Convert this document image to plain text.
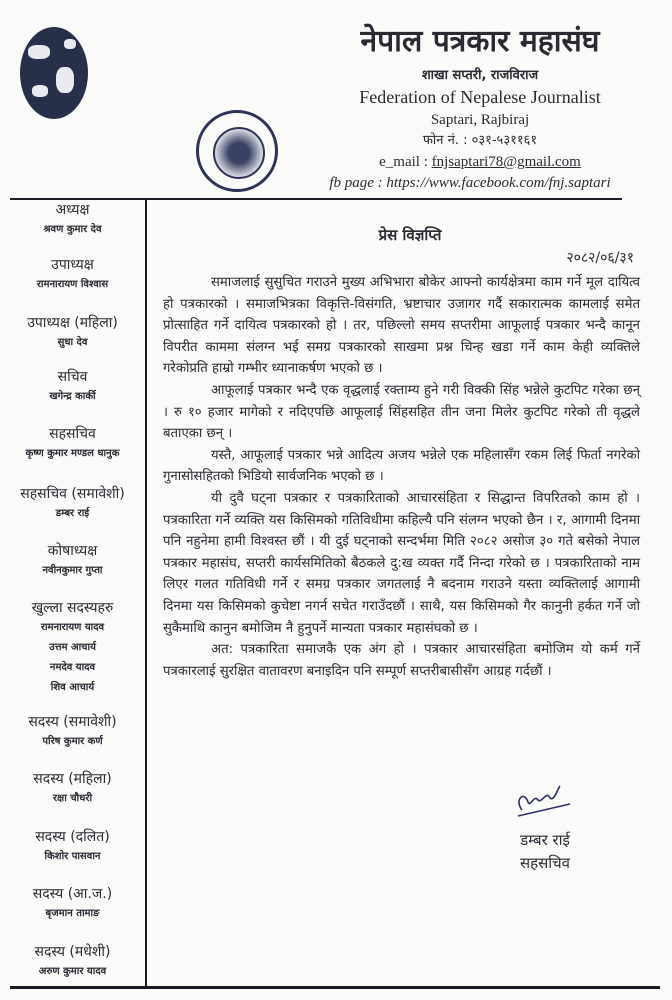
नेपाल पत्रकार महासंघ
शाखा सप्तरी, राजविराज
Federation of Nepalese Journalist
Saptari, Rajbiraj
फोन नं. : ०३१-५३११६१
e_mail : fnjsaptari78@gmail.com
fb page : https://www.facebook.com/fnj.saptari
अध्यक्ष
श्रवण कुमार देव
उपाध्यक्ष
रामनारायण विश्वास
उपाध्यक्ष (महिला)
सुधा देव
सचिव
खगेन्द्र कार्की
सहसचिव
कृष्ण कुमार मण्डल धानुक
सहसचिव (समावेशी)
डम्बर राई
कोषाध्यक्ष
नवीनकुमार गुप्ता
खुल्ला सदस्यहरु
रामनारायण यादव
उत्तम आचार्य
नमदेव यादव
शिव आचार्य
सदस्य (समावेशी)
परिष कुमार कर्ण
सदस्य (महिला)
रक्षा चौधरी
सदस्य (दलित)
किशोर पासवान
सदस्य (आ.ज.)
बृजमान तामाङ
सदस्य (मधेशी)
अरुण कुमार यादव
प्रेस विज्ञप्ति
२०८२/०६/३१

समाजलाई सुसुचित गराउने मुख्य अभिभारा बोकेर आफ्नो कार्यक्षेत्रमा काम गर्ने मूल दायित्व हो पत्रकारको । समाजभित्रका विकृत्ति-विसंगति, भ्रष्टाचार उजागर गर्दै सकारात्मक कामलाई समेत प्रोत्साहित गर्ने दायित्व पत्रकारको हो । तर, पछिल्लो समय सप्तरीमा आफूलाई पत्रकार भन्दै कानून विपरीत काममा संलग्न भई समग्र पत्रकारको साखमा प्रश्न चिन्ह खडा गर्ने काम केही व्यक्तिले गरेकोप्रति हाम्रो गम्भीर ध्यानाकर्षण भएको छ ।

आफूलाई पत्रकार भन्दै एक वृद्धलाई रक्ताम्य हुने गरी विक्की सिंह भन्नेले कुटपिट गरेका छन् । रु १० हजार मागेको र नदिएपछि आफूलाई सिंहसहित तीन जना मिलेर कुटपिट गरेको ती वृद्धले बताएका छन् ।

यस्तै, आफूलाई पत्रकार भन्ने आदित्य अजय भन्नेले एक महिलासँग रकम लिई फिर्ता नगरेको गुनासोसहितको भिडियो सार्वजनिक भएको छ ।

यी दुवै घट्ना पत्रकार र पत्रकारिताको आचारसंहिता र सिद्धान्त विपरितको काम हो । पत्रकारिता गर्ने व्यक्ति यस किसिमको गतिविधीमा कहिल्यै पनि संलग्न भएको छैन । र, आगामी दिनमा पनि नहुनेमा हामी विश्वस्त छौं । यी दुई घट्नाको सन्दर्भमा मिति २०८२ असोज ३० गते बसेको नेपाल पत्रकार महासंघ, सप्तरी कार्यसमितिको बैठकले दु:ख व्यक्त गर्दै निन्दा गरेको छ । पत्रकारिताको नाम लिएर गलत गतिविधी गर्ने र समग्र पत्रकार जगतलाई नै बदनाम गराउने यस्ता व्यक्तिलाई आगामी दिनमा यस किसिमको कुचेष्टा नगर्न सचेत गराउँदछौं । साथै, यस किसिमको गैर कानुनी हर्कत गर्ने जो सुकैमाथि कानुन बमोजिम नै हुनुपर्ने मान्यता पत्रकार महासंघको छ ।

अत: पत्रकारिता समाजकै एक अंग हो । पत्रकार आचारसंहिता बमोजिम यो कर्म गर्ने पत्रकारलाई सुरक्षित वातावरण बनाइदिन पनि सम्पूर्ण सप्तरीबासीसँग आग्रह गर्दछौं ।

डम्बर राई
सहसचिव
